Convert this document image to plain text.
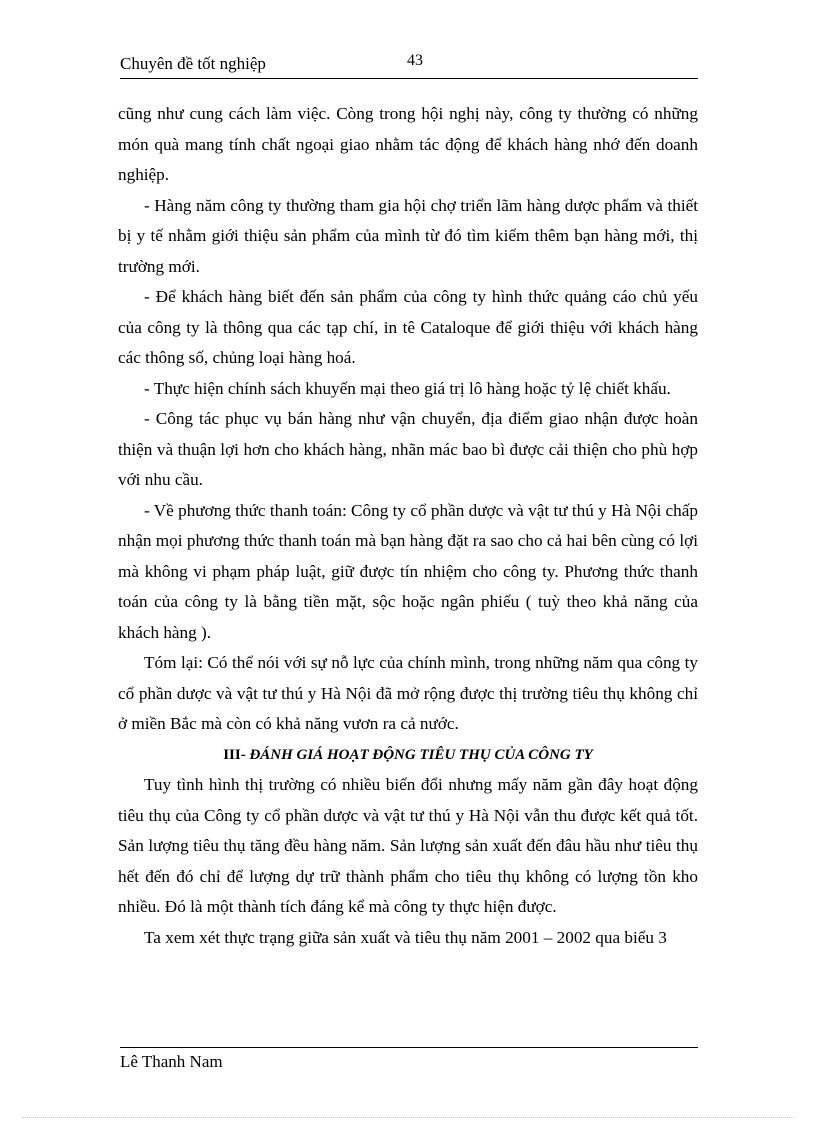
Chuyên đề tốt nghiệp	43

cũng như cung cách làm việc. Còng trong hội nghị này, công ty thường có những món quà mang tính chất ngoại giao nhằm tác động để khách hàng nhớ đến doanh nghiệp.

- Hàng năm công ty thường tham gia hội chợ triển lãm hàng dược phẩm và thiết bị y tế nhằm giới thiệu sản phẩm của mình từ đó tìm kiếm thêm bạn hàng mới, thị trường mới.

- Để khách hàng biết đến sản phẩm của công ty hình thức quảng cáo chủ yếu của công ty là thông qua các tạp chí, in tê Cataloque để giới thiệu với khách hàng các thông số, chủng loại hàng hoá.

- Thực hiện chính sách khuyến mại theo giá trị lô hàng hoặc tỷ lệ chiết khấu.

- Công tác phục vụ bán hàng như vận chuyển, địa điểm giao nhận được hoàn thiện và thuận lợi hơn cho khách hàng, nhãn mác bao bì được cải thiện cho phù hợp với nhu cầu.

- Về phương thức thanh toán: Công ty cổ phần dược và vật tư thú y Hà Nội chấp nhận mọi phương thức thanh toán mà bạn hàng đặt ra sao cho cả hai bên cùng có lợi mà không vi phạm pháp luật, giữ được tín nhiệm cho công ty. Phương thức thanh toán của công ty là bằng tiền mặt, sộc hoặc ngân phiếu ( tuỳ theo khả năng của khách hàng ).

Tóm lại: Có thể nói với sự nỗ lực của chính mình, trong những năm qua công ty cổ phần dược và vật tư thú y Hà Nội đã mở rộng được thị trường tiêu thụ không chỉ ở miền Bắc mà còn có khả năng vươn ra cả nước.

III- ĐÁNH GIÁ HOẠT ĐỘNG TIÊU THỤ CỦA CÔNG TY

Tuy tình hình thị trường có nhiều biến đổi nhưng mấy năm gần đây hoạt động tiêu thụ của Công ty cổ phần dược và vật tư thú y Hà Nội vẫn thu được kết quả tốt. Sản lượng tiêu thụ tăng đều hàng năm. Sản lượng sản xuất đến đâu hầu như tiêu thụ hết đến đó chỉ để lượng dự trữ thành phẩm cho tiêu thụ không có lượng tồn kho nhiều. Đó là một thành tích đáng kể mà công ty thực hiện được.

Ta xem xét thực trạng giữa sản xuất và tiêu thụ năm 2001 – 2002 qua biểu 3

Lê Thanh Nam
